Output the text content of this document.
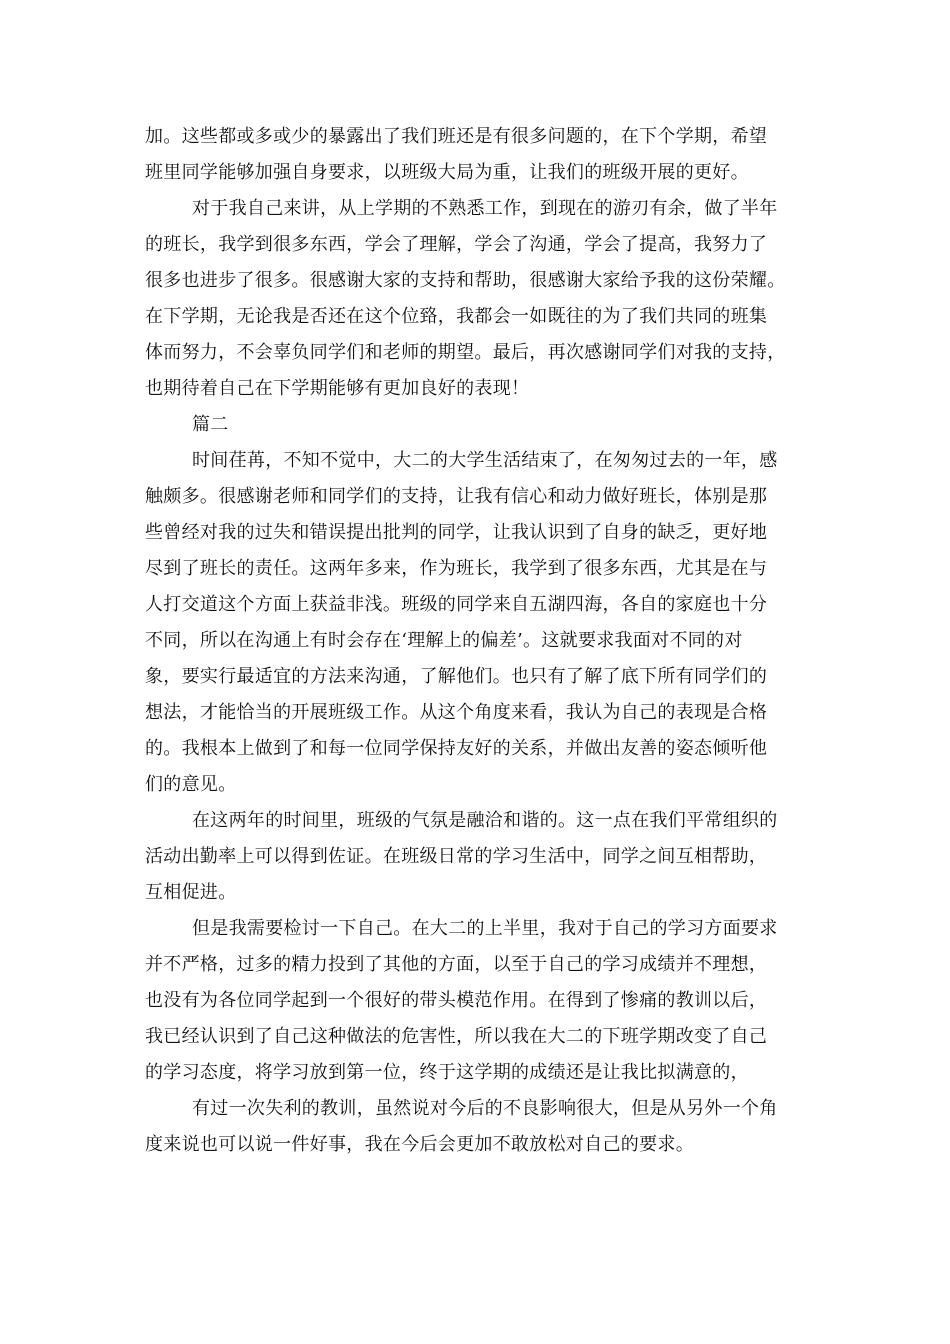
加。这些都或多或少的暴露出了我们班还是有很多问题的，在下个学期，希望
班里同学能够加强自身要求，以班级大局为重，让我们的班级开展的更好。
对于我自己来讲，从上学期的不熟悉工作，到现在的游刃有余，做了半年
的班长，我学到很多东西，学会了理解，学会了沟通，学会了提高，我努力了
很多也进步了很多。很感谢大家的支持和帮助，很感谢大家给予我的这份荣耀。
在下学期，无论我是否还在这个位臵，我都会一如既往的为了我们共同的班集
体而努力，不会辜负同学们和老师的期望。最后，再次感谢同学们对我的支持，
也期待着自己在下学期能够有更加良好的表现！
篇二
时间荏苒，不知不觉中，大二的大学生活结束了，在匆匆过去的一年，感
触颇多。很感谢老师和同学们的支持，让我有信心和动力做好班长，体别是那
些曾经对我的过失和错误提出批判的同学，让我认识到了自身的缺乏，更好地
尽到了班长的责任。这两年多来，作为班长，我学到了很多东西，尤其是在与
人打交道这个方面上获益非浅。班级的同学来自五湖四海，各自的家庭也十分
不同，所以在沟通上有时会存在‘理解上的偏差’。这就要求我面对不同的对
象，要实行最适宜的方法来沟通，了解他们。也只有了解了底下所有同学们的
想法，才能恰当的开展班级工作。从这个角度来看，我认为自己的表现是合格
的。我根本上做到了和每一位同学保持友好的关系，并做出友善的姿态倾听他
们的意见。
在这两年的时间里，班级的气氛是融洽和谐的。这一点在我们平常组织的
活动出勤率上可以得到佐证。在班级日常的学习生活中，同学之间互相帮助，
互相促进。
但是我需要检讨一下自己。在大二的上半里，我对于自己的学习方面要求
并不严格，过多的精力投到了其他的方面，以至于自己的学习成绩并不理想，
也没有为各位同学起到一个很好的带头模范作用。在得到了惨痛的教训以后，
我已经认识到了自己这种做法的危害性，所以我在大二的下班学期改变了自己
的学习态度，将学习放到第一位，终于这学期的成绩还是让我比拟满意的，
有过一次失利的教训，虽然说对今后的不良影响很大，但是从另外一个角
度来说也可以说一件好事，我在今后会更加不敢放松对自己的要求。
